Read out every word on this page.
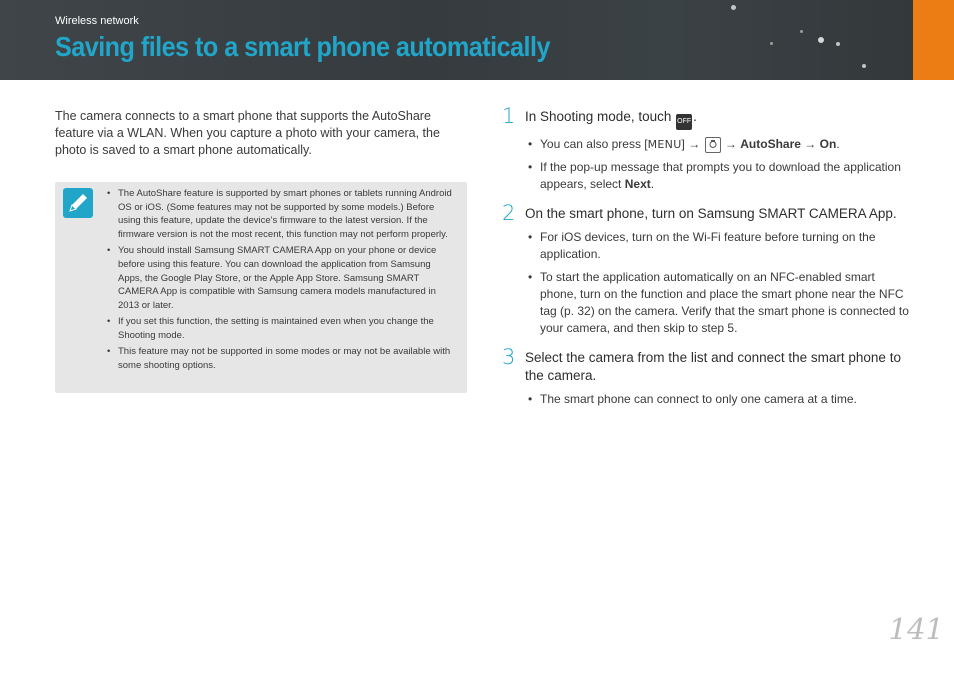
Wireless network
Saving files to a smart phone automatically

The camera connects to a smart phone that supports the AutoShare feature via a WLAN. When you capture a photo with your camera, the photo is saved to a smart phone automatically.

• The AutoShare feature is supported by smart phones or tablets running Android OS or iOS. (Some features may not be supported by some models.) Before using this feature, update the device's firmware to the latest version. If the firmware version is not the most recent, this function may not perform properly.
• You should install Samsung SMART CAMERA App on your phone or device before using this feature. You can download the application from Samsung Apps, the Google Play Store, or the Apple App Store. Samsung SMART CAMERA App is compatible with Samsung camera models manufactured in 2013 or later.
• If you set this function, the setting is maintained even when you change the Shooting mode.
• This feature may not be supported in some modes or may not be available with some shooting options.
1 In Shooting mode, touch OFF .
• You can also press [MENU] → → AutoShare → On.
• If the pop-up message that prompts you to download the application appears, select Next.
2 On the smart phone, turn on Samsung SMART CAMERA App.
• For iOS devices, turn on the Wi-Fi feature before turning on the application.
• To start the application automatically on an NFC-enabled smart phone, turn on the function and place the smart phone near the NFC tag (p. 32) on the camera. Verify that the smart phone is connected to your camera, and then skip to step 5.
3 Select the camera from the list and connect the smart phone to the camera.
• The smart phone can connect to only one camera at a time.
141
